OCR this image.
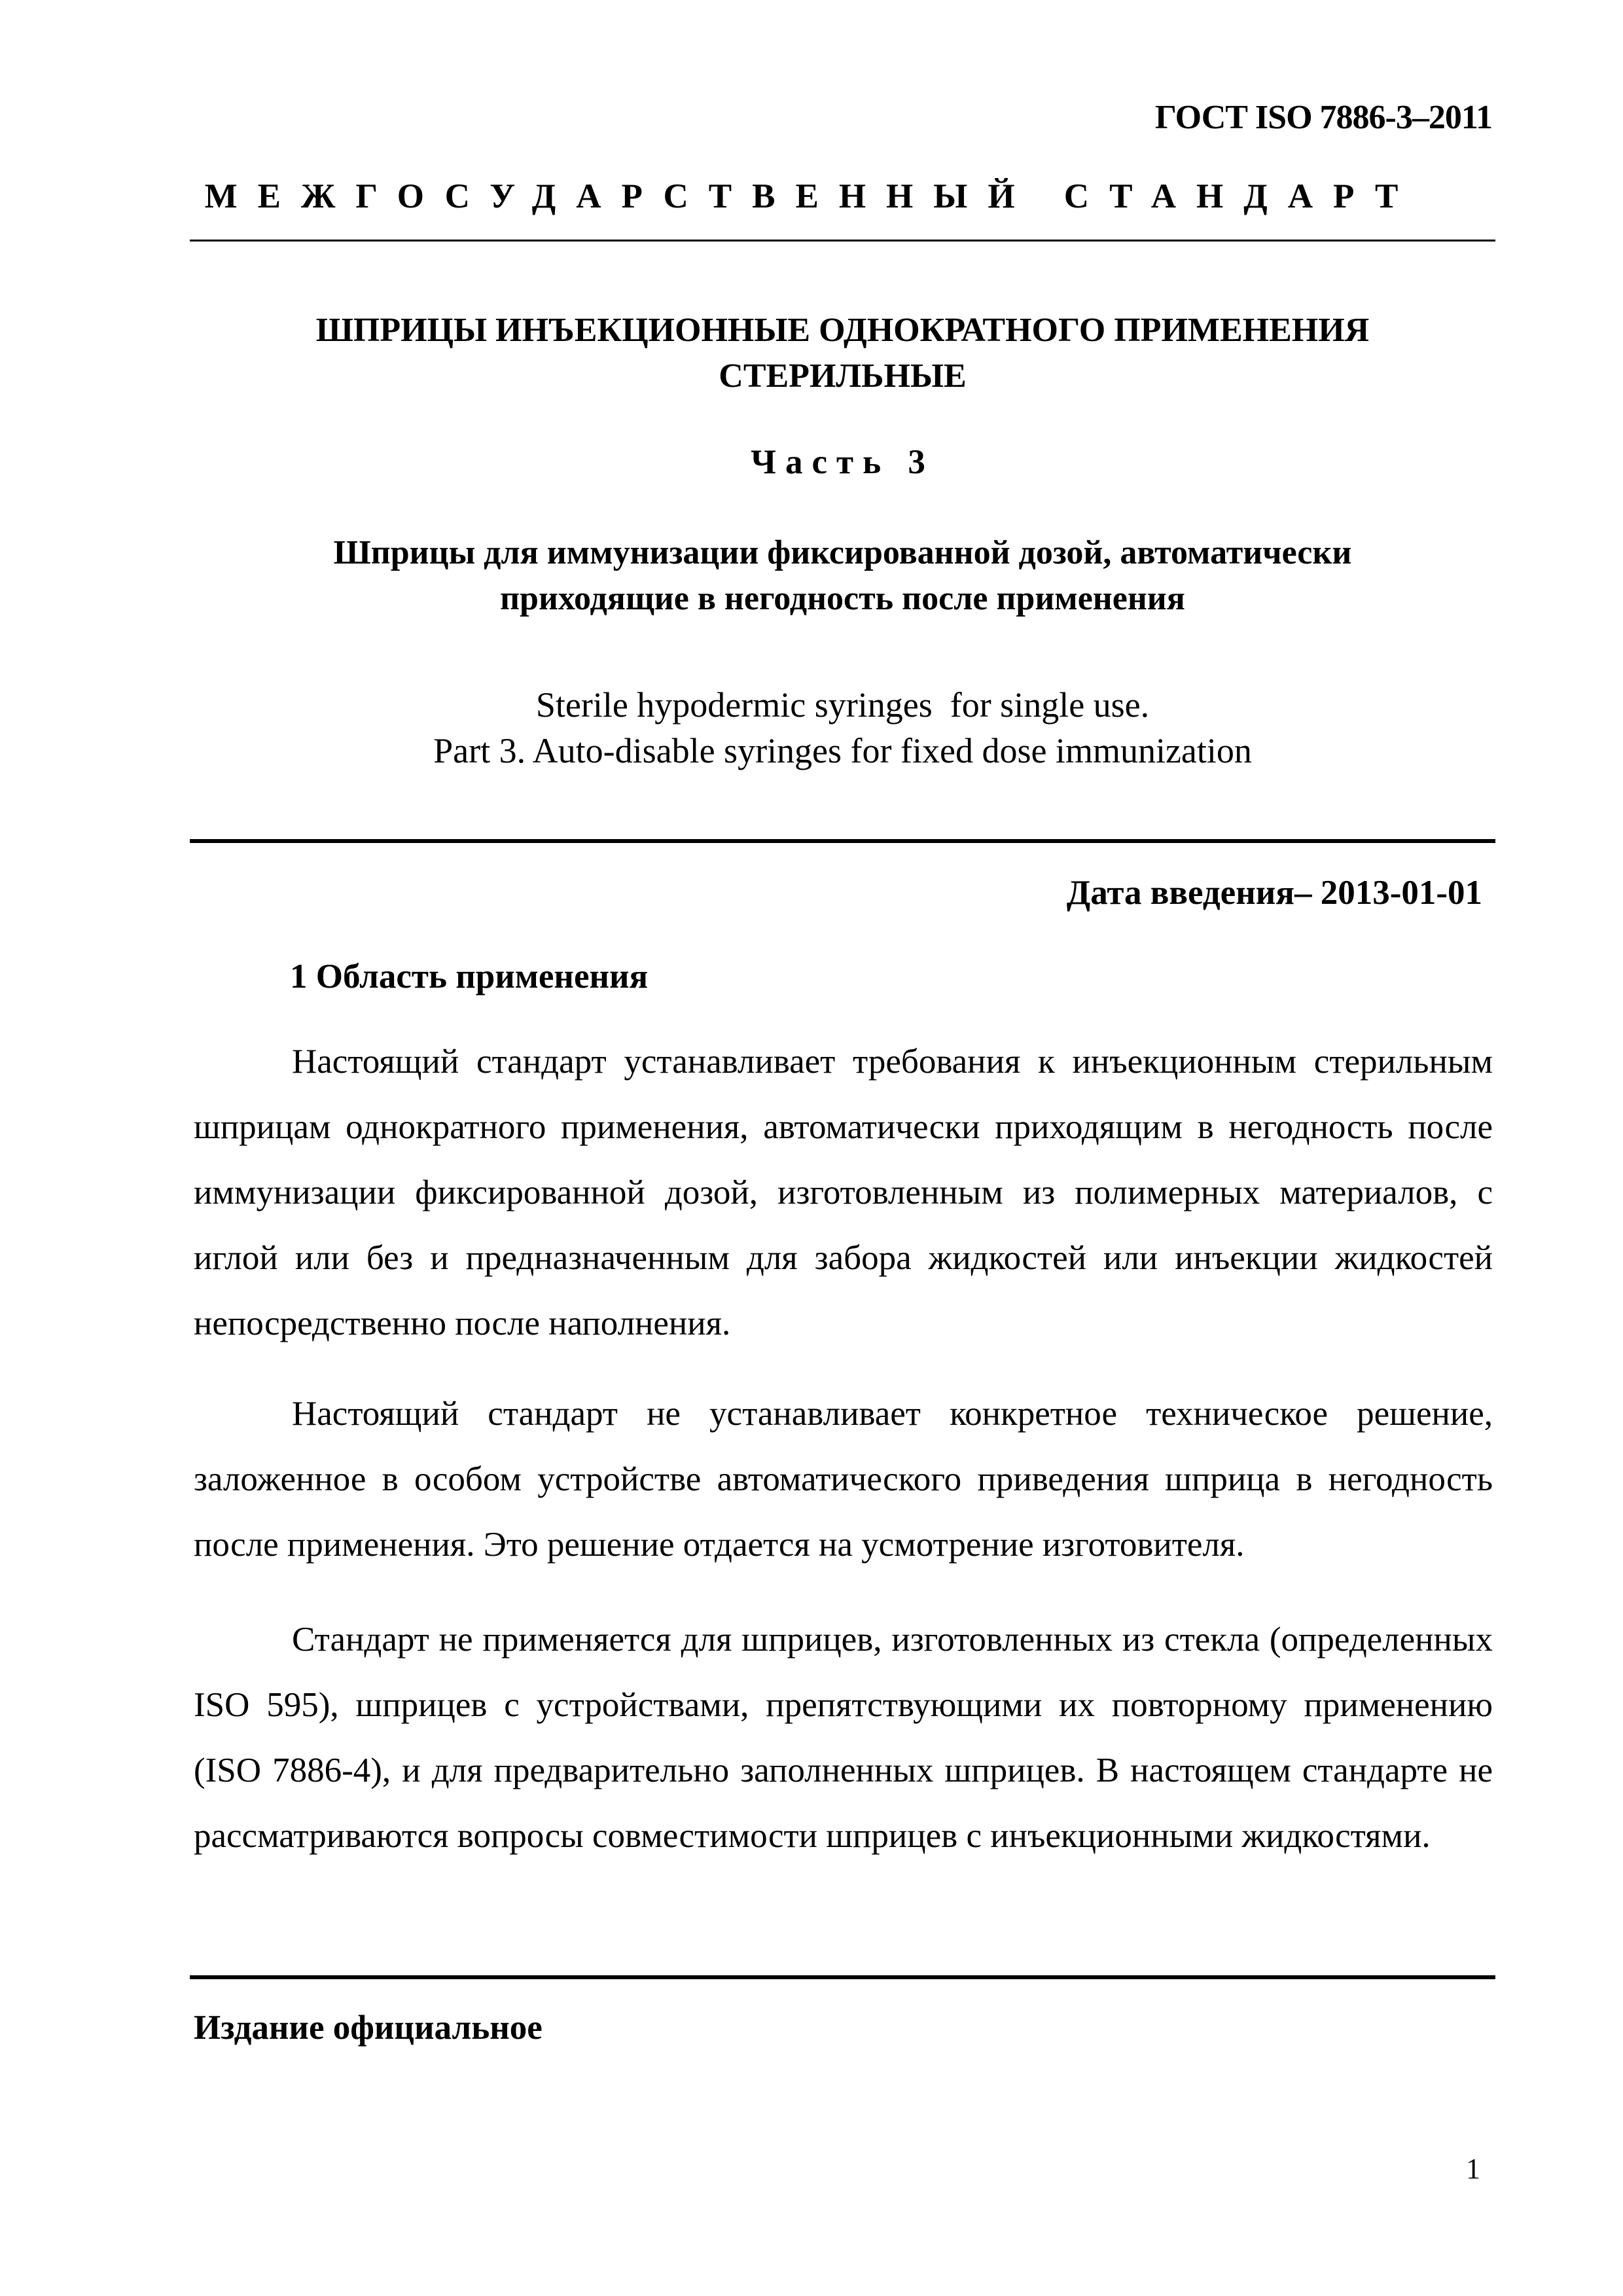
ГОСТ ISO 7886-3–2011
МЕЖГОСУДАРСТВЕННЫЙ СТАНДАРТ
ШПРИЦЫ ИНЪЕКЦИОННЫЕ ОДНОКРАТНОГО ПРИМЕНЕНИЯ
СТЕРИЛЬНЫЕ
Часть 3
Шприцы для иммунизации фиксированной дозой, автоматически
приходящие в негодность после применения
Sterile hypodermic syringes  for single use.
Part 3. Auto-disable syringes for fixed dose immunization
Дата введения– 2013-01-01
1 Область применения

Настоящий стандарт устанавливает требования к инъекционным стерильным шприцам однократного применения, автоматически приходящим в негодность после иммунизации фиксированной дозой, изготовленным из полимерных материалов, с иглой или без и предназначенным для забора жидкостей или инъекции жидкостей непосредственно после наполнения.

Настоящий стандарт не устанавливает конкретное техническое решение, заложенное в особом устройстве автоматического приведения шприца в негодность после применения. Это решение отдается на усмотрение изготовителя.

Стандарт не применяется для шприцев, изготовленных из стекла (определенных ISO 595), шприцев с устройствами, препятствующими их повторному применению (ISO 7886-4), и для предварительно заполненных шприцев. В настоящем стандарте не рассматриваются вопросы совместимости шприцев с инъекционными жидкостями.

Издание официальное
1
